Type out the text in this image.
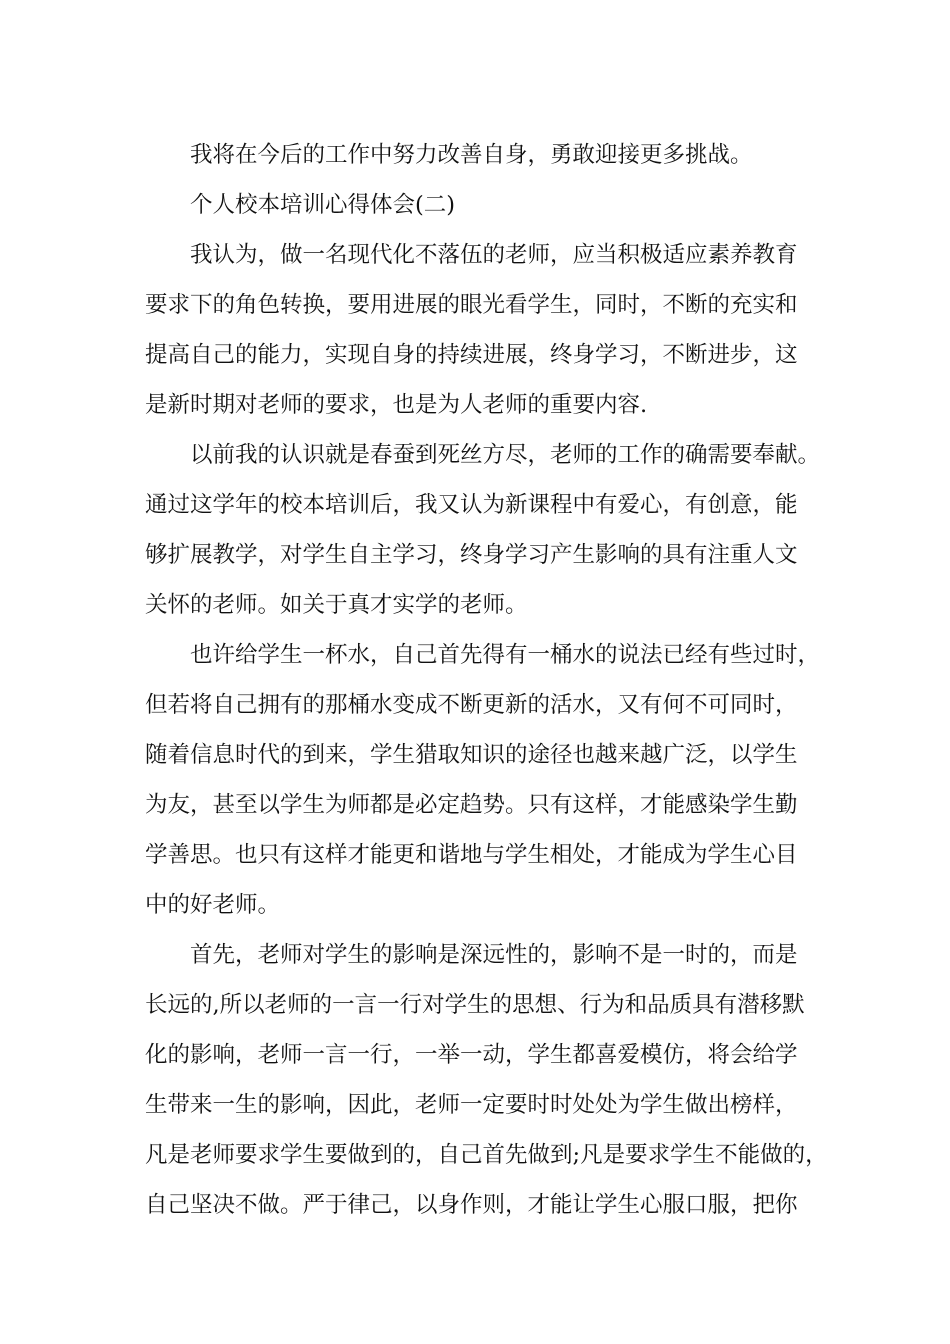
我将在今后的工作中努力改善自身，勇敢迎接更多挑战。
个人校本培训心得体会(二)
我认为，做一名现代化不落伍的老师，应当积极适应素养教育
要求下的角色转换，要用进展的眼光看学生，同时，不断的充实和
提高自己的能力，实现自身的持续进展，终身学习，不断进步，这
是新时期对老师的要求，也是为人老师的重要内容.
以前我的认识就是春蚕到死丝方尽，老师的工作的确需要奉献。
通过这学年的校本培训后，我又认为新课程中有爱心，有创意，能
够扩展教学，对学生自主学习，终身学习产生影响的具有注重人文
关怀的老师。如关于真才实学的老师。
也许给学生一杯水，自己首先得有一桶水的说法已经有些过时，
但若将自己拥有的那桶水变成不断更新的活水，又有何不可同时，
随着信息时代的到来，学生猎取知识的途径也越来越广泛，以学生
为友，甚至以学生为师都是必定趋势。只有这样，才能感染学生勤
学善思。也只有这样才能更和谐地与学生相处，才能成为学生心目
中的好老师。
首先，老师对学生的影响是深远性的，影响不是一时的，而是
长远的,所以老师的一言一行对学生的思想、行为和品质具有潜移默
化的影响，老师一言一行，一举一动，学生都喜爱模仿，将会给学
生带来一生的影响，因此，老师一定要时时处处为学生做出榜样，
凡是老师要求学生要做到的，自己首先做到;凡是要求学生不能做的，
自己坚决不做。严于律己，以身作则，才能让学生心服口服，把你
